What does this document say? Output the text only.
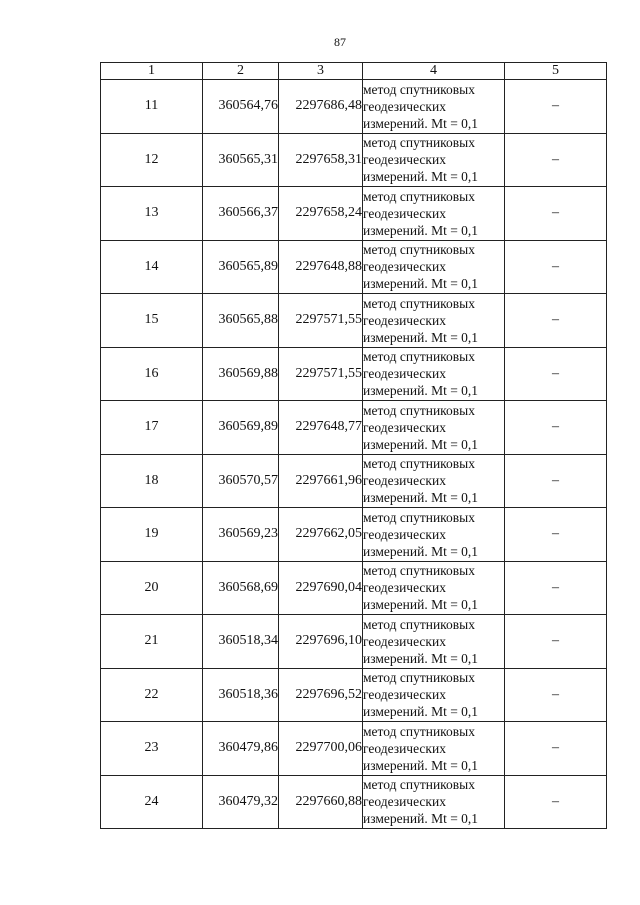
87
1	2	3	4	5
11	360564,76	2297686,48	метод спутниковых геодезических измерений. Mt = 0,1	–
12	360565,31	2297658,31	метод спутниковых геодезических измерений. Mt = 0,1	–
13	360566,37	2297658,24	метод спутниковых геодезических измерений. Mt = 0,1	–
14	360565,89	2297648,88	метод спутниковых геодезических измерений. Mt = 0,1	–
15	360565,88	2297571,55	метод спутниковых геодезических измерений. Mt = 0,1	–
16	360569,88	2297571,55	метод спутниковых геодезических измерений. Mt = 0,1	–
17	360569,89	2297648,77	метод спутниковых геодезических измерений. Mt = 0,1	–
18	360570,57	2297661,96	метод спутниковых геодезических измерений. Mt = 0,1	–
19	360569,23	2297662,05	метод спутниковых геодезических измерений. Mt = 0,1	–
20	360568,69	2297690,04	метод спутниковых геодезических измерений. Mt = 0,1	–
21	360518,34	2297696,10	метод спутниковых геодезических измерений. Mt = 0,1	–
22	360518,36	2297696,52	метод спутниковых геодезических измерений. Mt = 0,1	–
23	360479,86	2297700,06	метод спутниковых геодезических измерений. Mt = 0,1	–
24	360479,32	2297660,88	метод спутниковых геодезических измерений. Mt = 0,1	–
